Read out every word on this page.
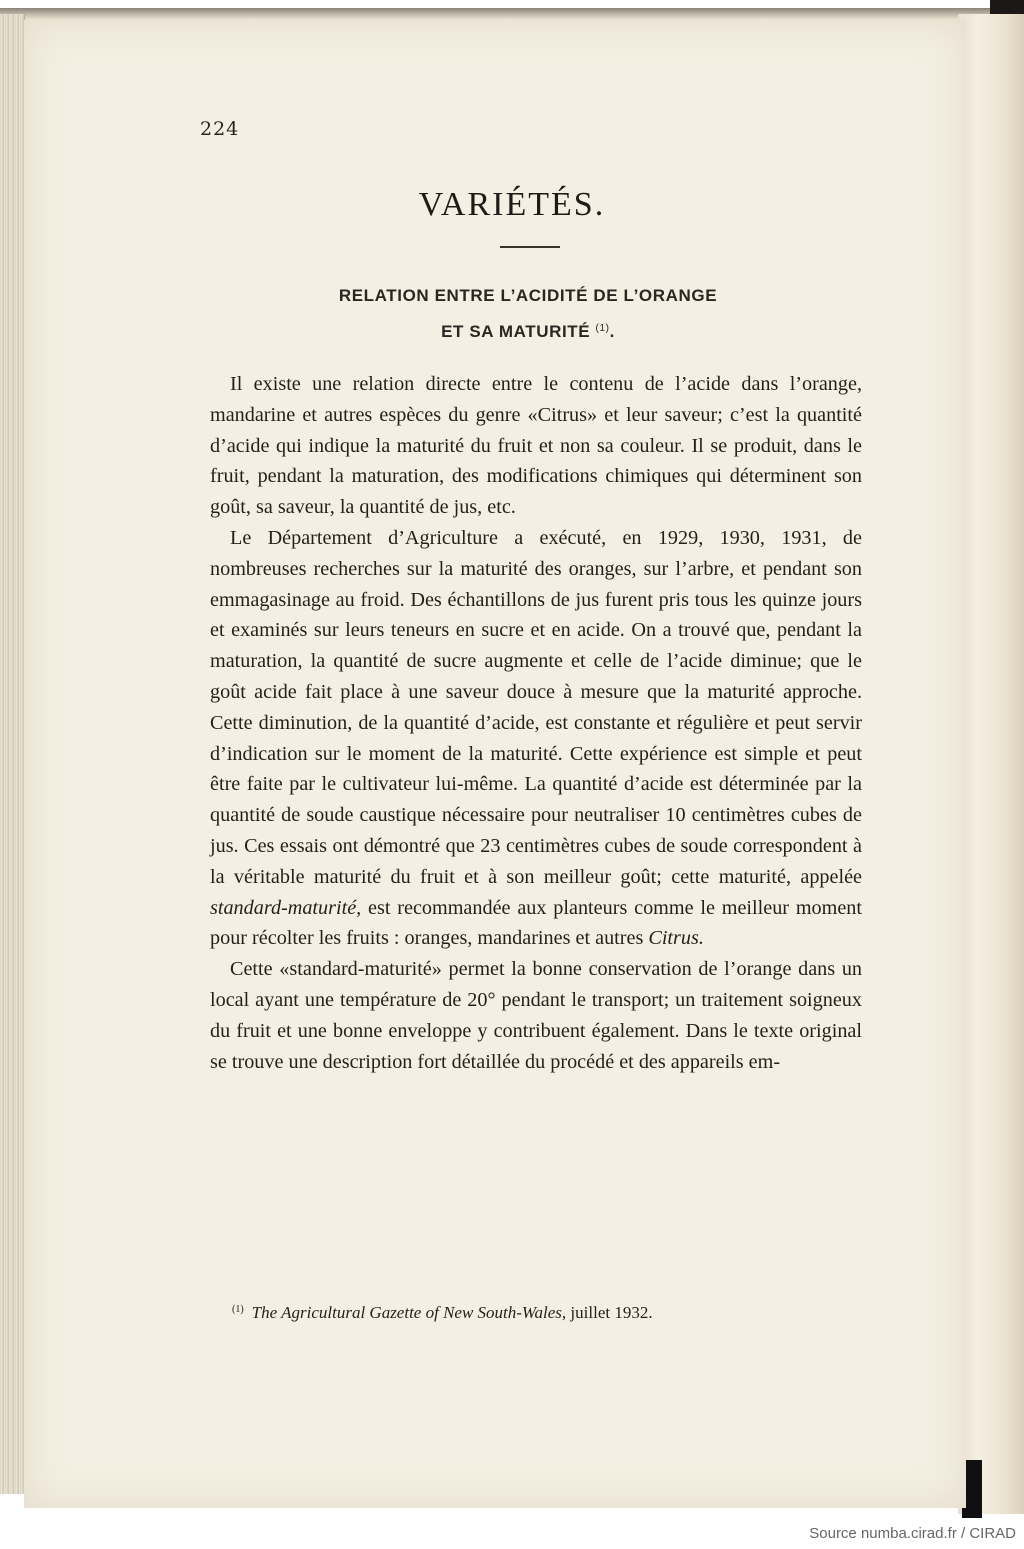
224
VARIÉTÉS.
RELATION ENTRE L’ACIDITÉ DE L’ORANGE
ET SA MATURITÉ $^{(1)}$.

Il existe une relation directe entre le contenu de l’acide dans l’orange, mandarine et autres espèces du genre «Citrus» et leur saveur; c’est la quantité d’acide qui indique la maturité du fruit et non sa couleur. Il se produit, dans le fruit, pendant la maturation, des modifications chimiques qui déterminent son goût, sa saveur, la quantité de jus, etc.

Le Département d’Agriculture a exécuté, en 1929, 1930, 1931, de nombreuses recherches sur la maturité des oranges, sur l’arbre, et pendant son emmagasinage au froid. Des échantillons de jus furent pris tous les quinze jours et examinés sur leurs teneurs en sucre et en acide. On a trouvé que, pendant la maturation, la quantité de sucre augmente et celle de l’acide diminue; que le goût acide fait place à une saveur douce à mesure que la maturité approche. Cette diminution, de la quantité d’acide, est constante et régulière et peut servir d’indication sur le moment de la maturité. Cette expérience est simple et peut être faite par le cultivateur lui-même. La quantité d’acide est déterminée par la quantité de soude caustique nécessaire pour neutraliser 10 centimètres cubes de jus. Ces essais ont démontré que 23 centimètres cubes de soude correspondent à la véritable maturité du fruit et à son meilleur goût; cette maturité, appelée standard-maturité, est recommandée aux planteurs comme le meilleur moment pour récolter les fruits : oranges, mandarines et autres Citrus.

Cette «standard-maturité» permet la bonne conservation de l’orange dans un local ayant une température de 20° pendant le transport; un traitement soigneux du fruit et une bonne enveloppe y contribuent également. Dans le texte original se trouve une description fort détaillée du procédé et des appareils em-

$^{(1)}$ The Agricultural Gazette of New South-Wales, juillet 1932.
Source numba.cirad.fr / CIRAD
